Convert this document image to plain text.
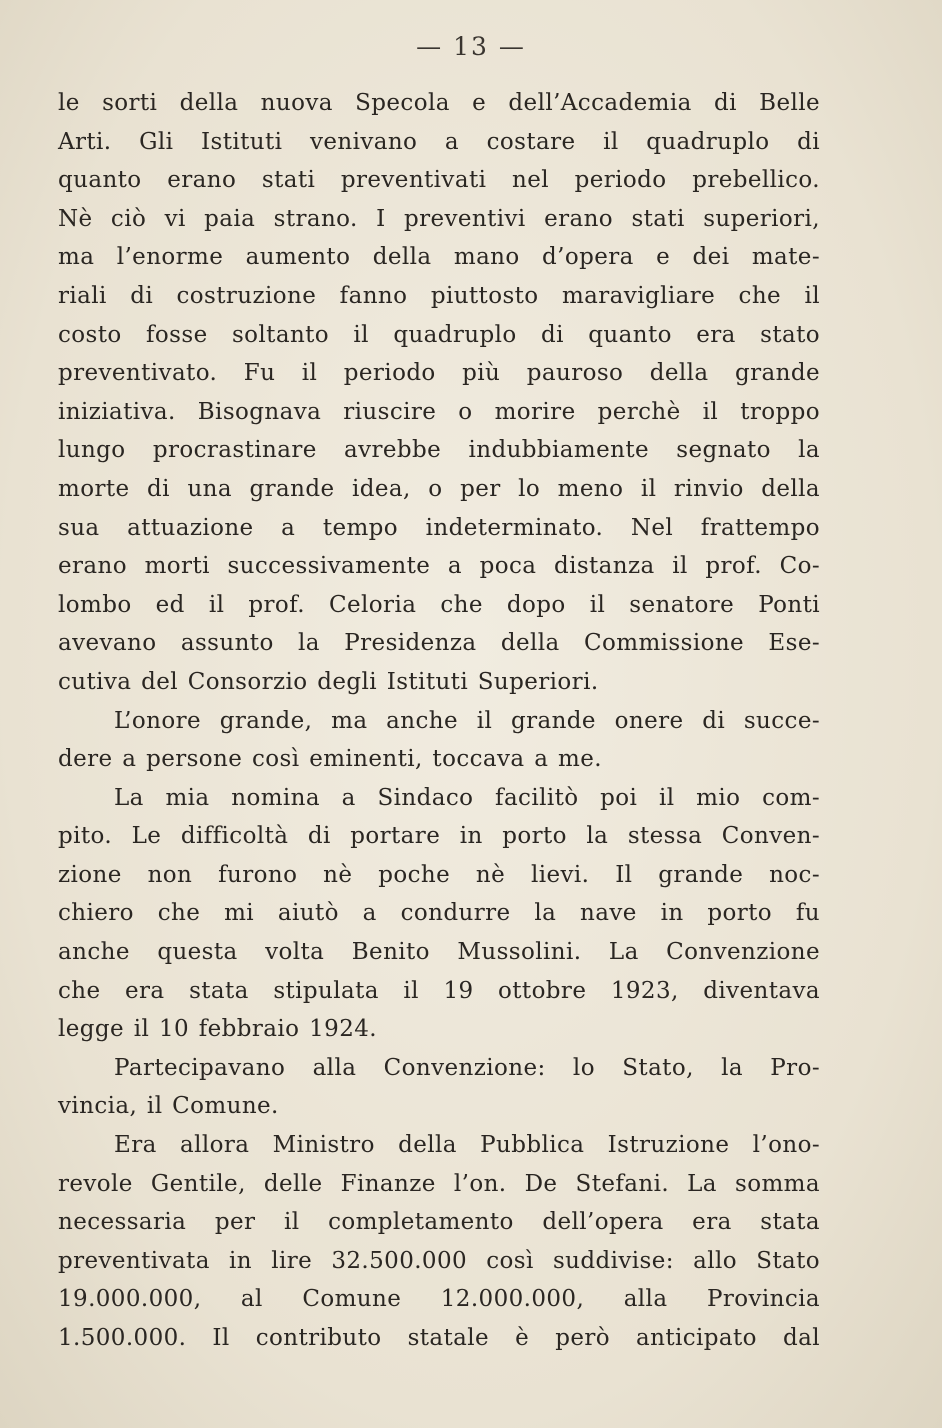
— 13 —
le sorti della nuova Specola e dell’Accademia di Belle
Arti. Gli Istituti venivano a costare il quadruplo di
quanto erano stati preventivati nel periodo prebellico.
Nè ciò vi paia strano. I preventivi erano stati superiori,
ma l’enorme aumento della mano d’opera e dei mate-
riali di costruzione fanno piuttosto maravigliare che il
costo fosse soltanto il quadruplo di quanto era stato
preventivato. Fu il periodo più pauroso della grande
iniziativa. Bisognava riuscire o morire perchè il troppo
lungo procrastinare avrebbe indubbiamente segnato la
morte di una grande idea, o per lo meno il rinvio della
sua attuazione a tempo indeterminato. Nel frattempo
erano morti successivamente a poca distanza il prof. Co-
lombo ed il prof. Celoria che dopo il senatore Ponti
avevano assunto la Presidenza della Commissione Ese-
cutiva del Consorzio degli Istituti Superiori.
L’onore grande, ma anche il grande onere di succe-
dere a persone così eminenti, toccava a me.
La mia nomina a Sindaco facilitò poi il mio com-
pito. Le difficoltà di portare in porto la stessa Conven-
zione non furono nè poche nè lievi. Il grande noc-
chiero che mi aiutò a condurre la nave in porto fu
anche questa volta Benito Mussolini. La Convenzione
che era stata stipulata il 19 ottobre 1923, diventava
legge il 10 febbraio 1924.
Partecipavano alla Convenzione: lo Stato, la Pro-
vincia, il Comune.
Era allora Ministro della Pubblica Istruzione l’ono-
revole Gentile, delle Finanze l’on. De Stefani. La somma
necessaria per il completamento dell’opera era stata
preventivata in lire 32.500.000 così suddivise: allo Stato
19.000.000, al Comune 12.000.000, alla Provincia
1.500.000. Il contributo statale è però anticipato dal
